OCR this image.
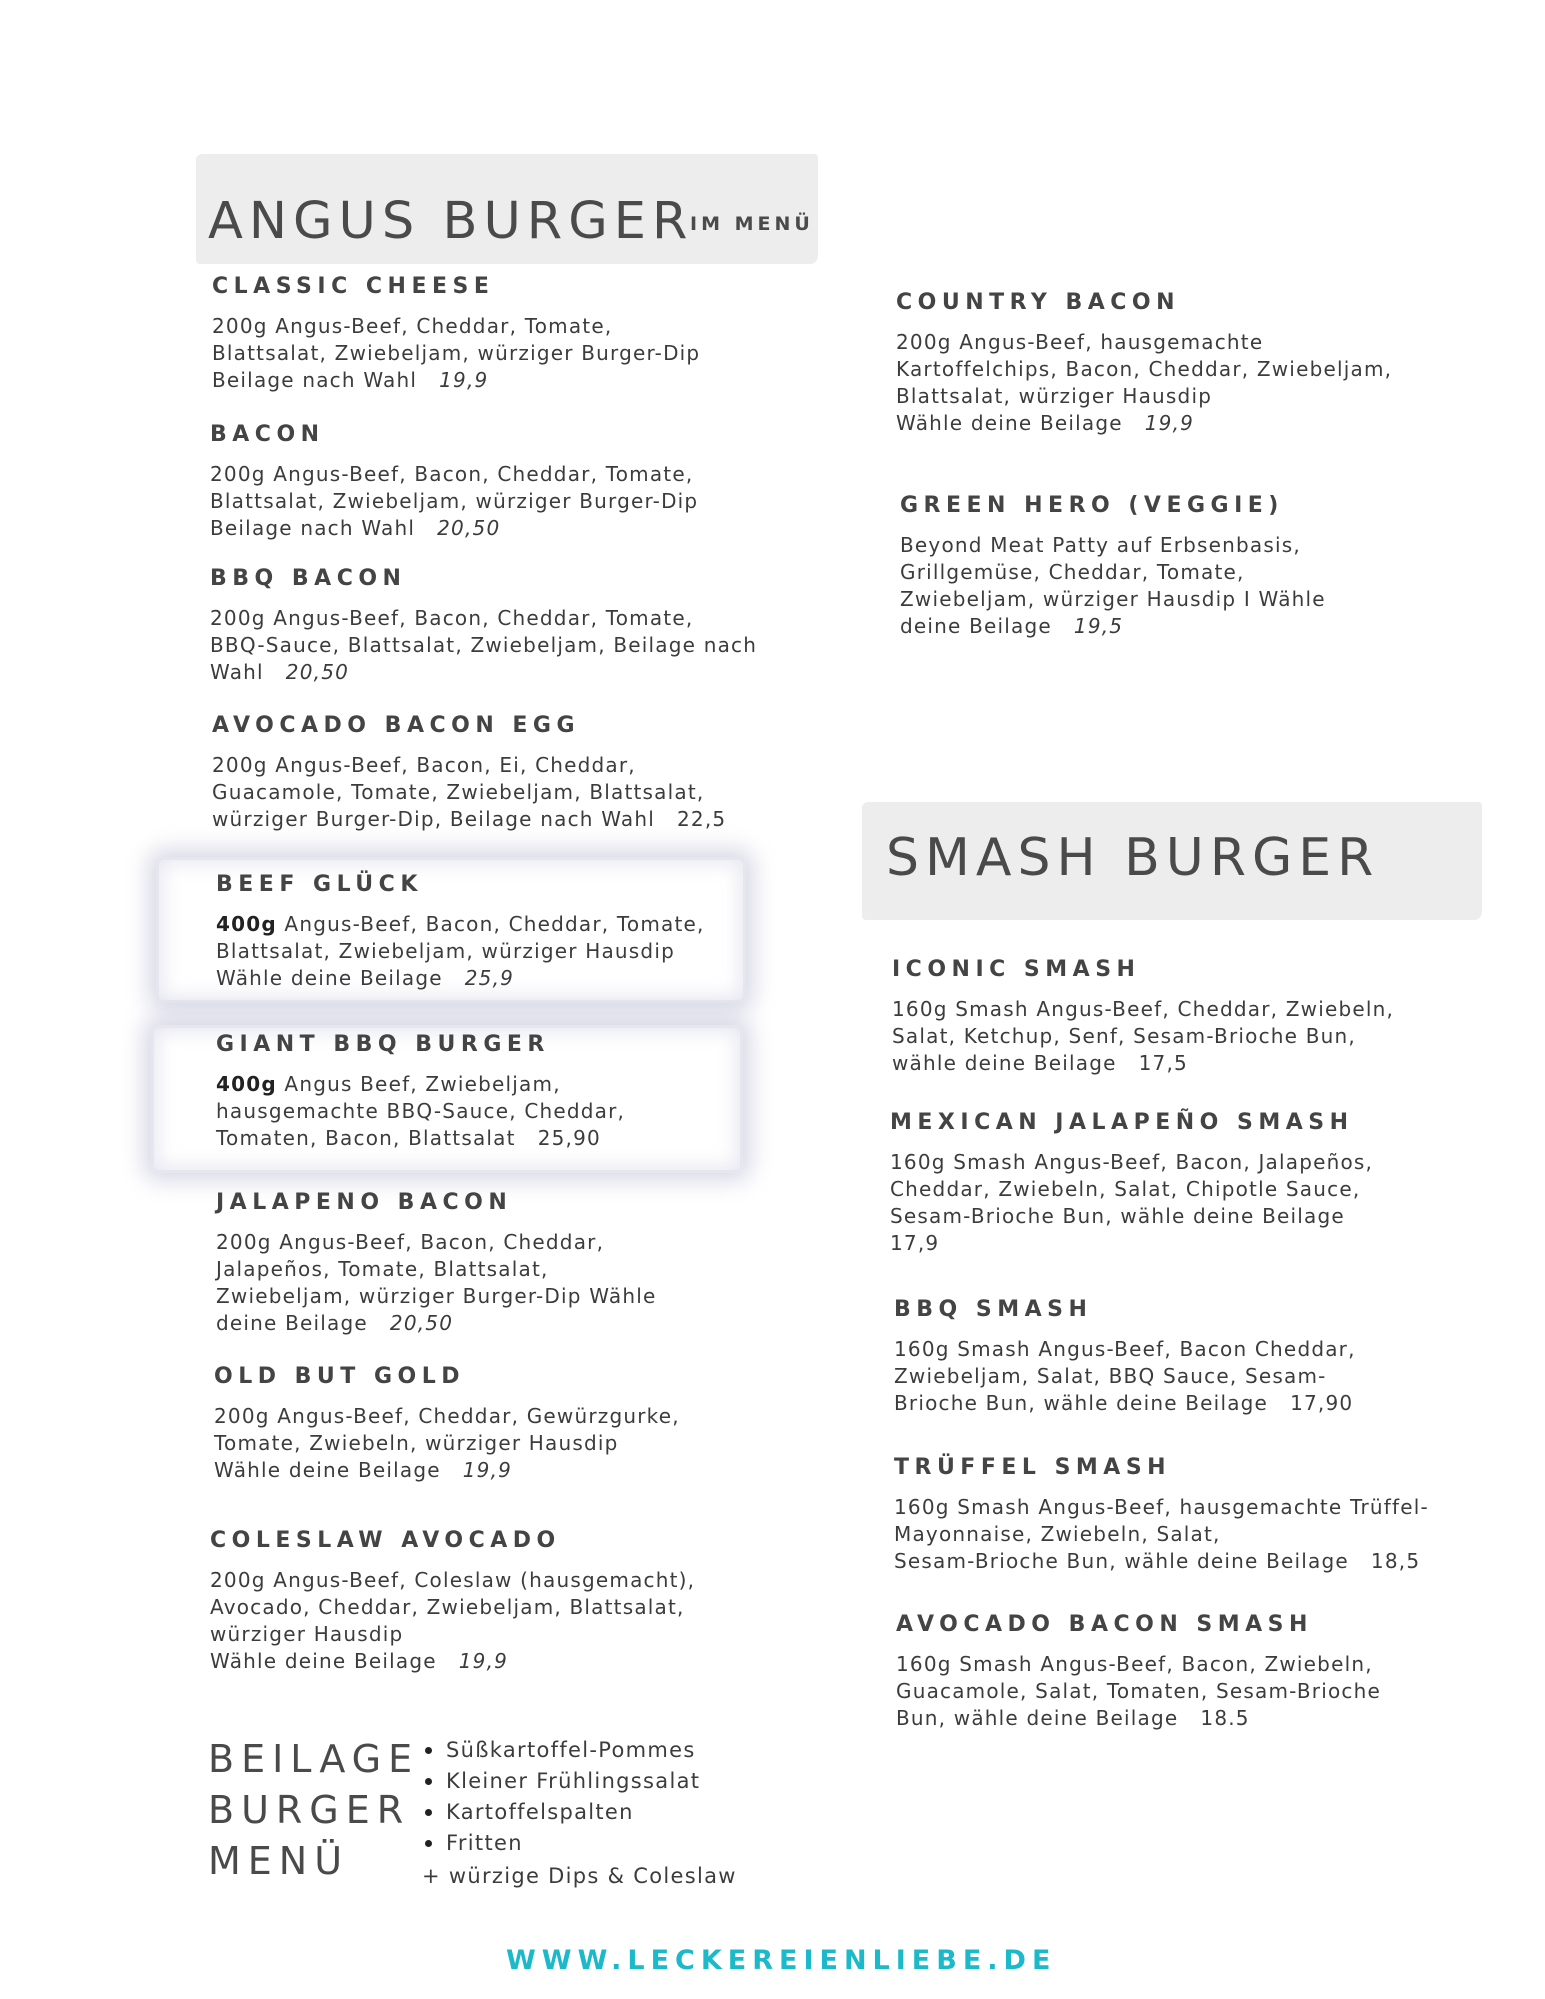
ANGUS BURGER
IM MENÜ
SMASH BURGER
CLASSIC CHEESE
200g Angus-Beef, Cheddar, Tomate,
Blattsalat, Zwiebeljam, würziger Burger-Dip
Beilage nach Wahl 19,9
BACON
200g Angus-Beef, Bacon, Cheddar, Tomate,
Blattsalat, Zwiebeljam, würziger Burger-Dip
Beilage nach Wahl 20,50
BBQ BACON
200g Angus-Beef, Bacon, Cheddar, Tomate,
BBQ-Sauce, Blattsalat, Zwiebeljam, Beilage nach
Wahl 20,50
AVOCADO BACON EGG
200g Angus-Beef, Bacon, Ei, Cheddar,
Guacamole, Tomate, Zwiebeljam, Blattsalat,
würziger Burger-Dip, Beilage nach Wahl 22,5
BEEF GLÜCK
400g Angus-Beef, Bacon, Cheddar, Tomate,
Blattsalat, Zwiebeljam, würziger Hausdip
Wähle deine Beilage 25,9
GIANT BBQ BURGER
400g Angus Beef, Zwiebeljam,
hausgemachte BBQ-Sauce, Cheddar,
Tomaten, Bacon, Blattsalat 25,90
JALAPENO BACON
200g Angus-Beef, Bacon, Cheddar,
Jalapeños, Tomate, Blattsalat,
Zwiebeljam, würziger Burger-Dip Wähle
deine Beilage 20,50
OLD BUT GOLD
200g Angus-Beef, Cheddar, Gewürzgurke,
Tomate, Zwiebeln, würziger Hausdip
Wähle deine Beilage 19,9
COLESLAW AVOCADO
200g Angus-Beef, Coleslaw (hausgemacht),
Avocado, Cheddar, Zwiebeljam, Blattsalat,
würziger Hausdip
Wähle deine Beilage 19,9
COUNTRY BACON
200g Angus-Beef, hausgemachte
Kartoffelchips, Bacon, Cheddar, Zwiebeljam,
Blattsalat, würziger Hausdip
Wähle deine Beilage 19,9
GREEN HERO (VEGGIE)
Beyond Meat Patty auf Erbsenbasis,
Grillgemüse, Cheddar, Tomate,
Zwiebeljam, würziger Hausdip I Wähle
deine Beilage 19,5
ICONIC SMASH
160g Smash Angus-Beef, Cheddar, Zwiebeln,
Salat, Ketchup, Senf, Sesam-Brioche Bun,
wähle deine Beilage 17,5
MEXICAN JALAPEÑO SMASH
160g Smash Angus-Beef, Bacon, Jalapeños,
Cheddar, Zwiebeln, Salat, Chipotle Sauce,
Sesam-Brioche Bun, wähle deine Beilage
17,9
BBQ SMASH
160g Smash Angus-Beef, Bacon Cheddar,
Zwiebeljam, Salat, BBQ Sauce, Sesam-
Brioche Bun, wähle deine Beilage 17,90
TRÜFFEL SMASH
160g Smash Angus-Beef, hausgemachte Trüffel-
Mayonnaise, Zwiebeln, Salat,
Sesam-Brioche Bun, wähle deine Beilage 18,5
AVOCADO BACON SMASH
160g Smash Angus-Beef, Bacon, Zwiebeln,
Guacamole, Salat, Tomaten, Sesam-Brioche
Bun, wähle deine Beilage 18.5
BEILAGE
BURGER
MENÜ
Süßkartoffel-Pommes
Kleiner Frühlingssalat
Kartoffelspalten
Fritten
+ würzige Dips & Coleslaw
WWW.LECKEREIENLIEBE.DE
